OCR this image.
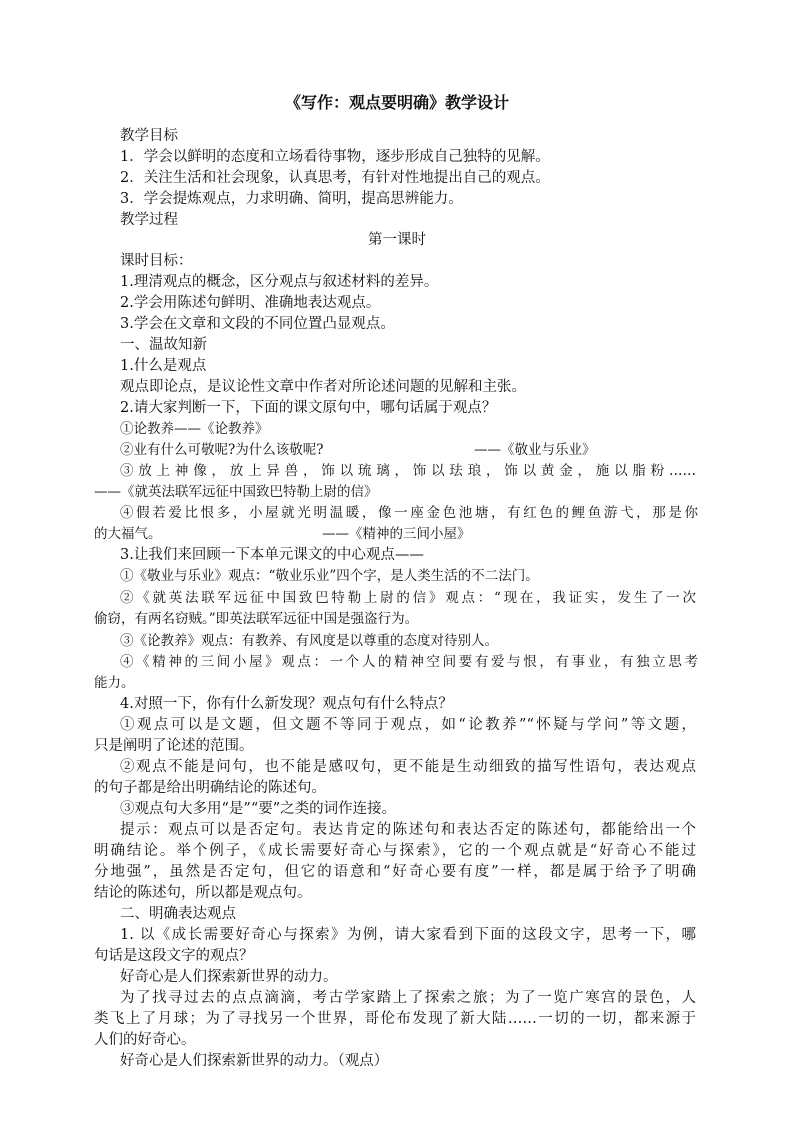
《写作：观点要明确》教学设计
教学目标
1．学会以鲜明的态度和立场看待事物，逐步形成自己独特的见解。
2．关注生活和社会现象，认真思考，有针对性地提出自己的观点。
3．学会提炼观点，力求明确、简明，提高思辨能力。
教学过程
第一课时
课时目标：
1.理清观点的概念，区分观点与叙述材料的差异。
2.学会用陈述句鲜明、准确地表达观点。
3.学会在文章和文段的不同位置凸显观点。
一、温故知新
1.什么是观点
观点即论点，是议论性文章中作者对所论述问题的见解和主张。
2.请大家判断一下，下面的课文原句中，哪句话属于观点？
①论教养——《论教养》
②业有什么可敬呢?为什么该敬呢?	——《敬业与乐业》
③放上神像，放上异兽，饰以琉璃，饰以珐琅，饰以黄金，施以脂粉……
——《就英法联军远征中国致巴特勒上尉的信》
④假若爱比恨多，小屋就光明温暖，像一座金色池塘，有红色的鲤鱼游弋，那是你
的大福气。	——《精神的三间小屋》
3.让我们来回顾一下本单元课文的中心观点——
①《敬业与乐业》观点：“敬业乐业”四个字，是人类生活的不二法门。
②《就英法联军远征中国致巴特勒上尉的信》观点：“现在，我证实，发生了一次
偷窃，有两名窃贼。”即英法联军远征中国是强盗行为。
③《论教养》观点：有教养、有风度是以尊重的态度对待别人。
④《精神的三间小屋》观点：一个人的精神空间要有爱与恨，有事业，有独立思考
能力。
4.对照一下，你有什么新发现？观点句有什么特点？
①观点可以是文题，但文题不等同于观点，如“论教养”“怀疑与学问”等文题，
只是阐明了论述的范围。
②观点不能是问句，也不能是感叹句，更不能是生动细致的描写性语句，表达观点
的句子都是给出明确结论的陈述句。
③观点句大多用“是”“要”之类的词作连接。
提示：观点可以是否定句。表达肯定的陈述句和表达否定的陈述句，都能给出一个
明确结论。举个例子，《成长需要好奇心与探索》，它的一个观点就是“好奇心不能过
分地强”，虽然是否定句，但它的语意和“好奇心要有度”一样，都是属于给予了明确
结论的陈述句，所以都是观点句。
二、明确表达观点
1. 以《成长需要好奇心与探索》为例，请大家看到下面的这段文字，思考一下，哪
句话是这段文字的观点？
好奇心是人们探索新世界的动力。
为了找寻过去的点点滴滴，考古学家踏上了探索之旅；为了一览广寒宫的景色，人
类飞上了月球；为了寻找另一个世界，哥伦布发现了新大陆……一切的一切，都来源于
人们的好奇心。
好奇心是人们探索新世界的动力。（观点）
